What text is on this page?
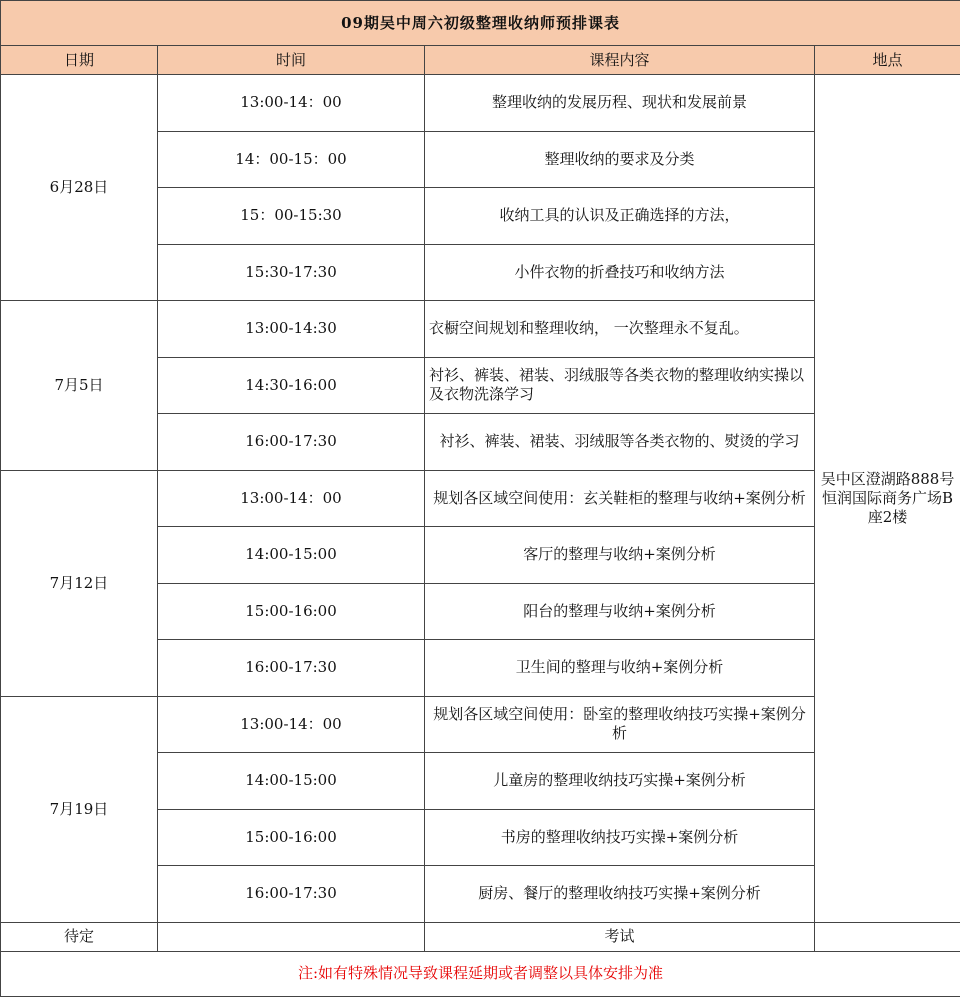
09期吴中周六初级整理收纳师预排课表			
日期	时间	课程内容	地点
6月28日	13:00-14：00	整理收纳的发展历程、现状和发展前景	吴中区澄湖路888号
恒润国际商务广场B座2楼
	14：00-15：00	整理收纳的要求及分类	
	15：00-15:30	收纳工具的认识及正确选择的方法，	
	15:30-17:30	小件衣物的折叠技巧和收纳方法	
7月5日	13:00-14:30	衣橱空间规划和整理收纳， 一次整理永不复乱。	
	14:30-16:00	衬衫、裤装、裙装、羽绒服等各类衣物的整理收纳实操以及衣物洗涤学习	
	16:00-17:30	衬衫、裤装、裙装、羽绒服等各类衣物的、熨烫的学习	
7月12日	13:00-14：00	规划各区域空间使用：玄关鞋柜的整理与收纳+案例分析	
	14:00-15:00	客厅的整理与收纳+案例分析	
	15:00-16:00	阳台的整理与收纳+案例分析	
	16:00-17:30	卫生间的整理与收纳+案例分析	
7月19日	13:00-14：00	规划各区域空间使用：卧室的整理收纳技巧实操+案例分析	
	14:00-15:00	儿童房的整理收纳技巧实操+案例分析	
	15:00-16:00	书房的整理收纳技巧实操+案例分析	
	16:00-17:30	厨房、餐厅的整理收纳技巧实操+案例分析	
待定		考试	
注:如有特殊情况导致课程延期或者调整以具体安排为准			
